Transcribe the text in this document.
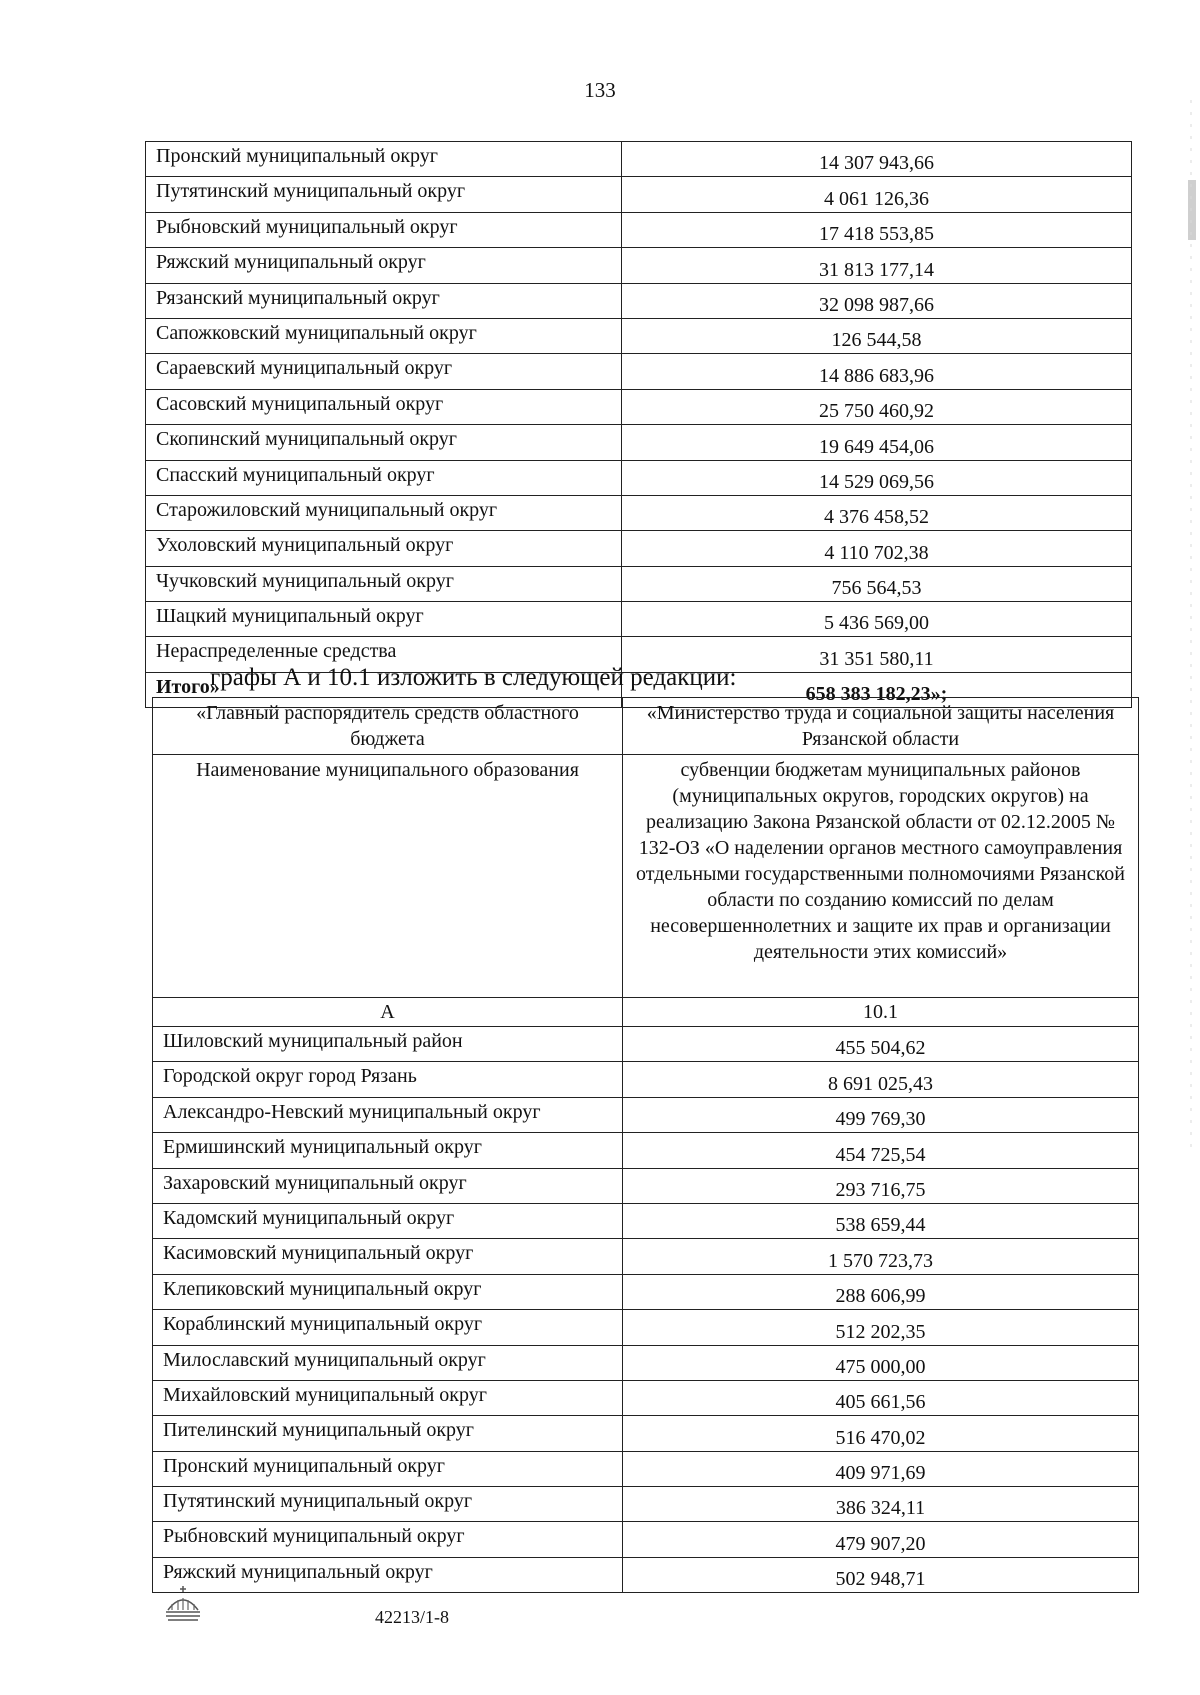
133
Пронский муниципальный округ	14 307 943,66
Путятинский муниципальный округ	4 061 126,36
Рыбновский муниципальный округ	17 418 553,85
Ряжский муниципальный округ	31 813 177,14
Рязанский муниципальный округ	32 098 987,66
Сапожковский муниципальный округ	126 544,58
Сараевский муниципальный округ	14 886 683,96
Сасовский муниципальный округ	25 750 460,92
Скопинский муниципальный округ	19 649 454,06
Спасский муниципальный округ	14 529 069,56
Старожиловский муниципальный округ	4 376 458,52
Ухоловский муниципальный округ	4 110 702,38
Чучковский муниципальный округ	756 564,53
Шацкий муниципальный округ	5 436 569,00
Нераспределенные средства	31 351 580,11
Итого»	658 383 182,23»;
графы А и 10.1 изложить в следующей редакции:
«Главный распорядитель средств областного бюджета	«Министерство труда и социальной защиты населения Рязанской области
Наименование муниципального образования	субвенции бюджетам муниципальных районов (муниципальных округов, городских округов) на реализацию Закона Рязанской области от 02.12.2005 № 132-ОЗ «О наделении органов местного самоуправления отдельными государственными полномочиями Рязанской области по созданию комиссий по делам несовершеннолетних и защите их прав и организации деятельности этих комиссий»
А	10.1
Шиловский муниципальный район	455 504,62
Городской округ город Рязань	8 691 025,43
Александро-Невский муниципальный округ	499 769,30
Ермишинский муниципальный округ	454 725,54
Захаровский муниципальный округ	293 716,75
Кадомский муниципальный округ	538 659,44
Касимовский муниципальный округ	1 570 723,73
Клепиковский муниципальный округ	288 606,99
Кораблинский муниципальный округ	512 202,35
Милославский муниципальный округ	475 000,00
Михайловский муниципальный округ	405 661,56
Пителинский муниципальный округ	516 470,02
Пронский муниципальный округ	409 971,69
Путятинский муниципальный округ	386 324,11
Рыбновский муниципальный округ	479 907,20
Ряжский муниципальный округ	502 948,71
42213/1-8
